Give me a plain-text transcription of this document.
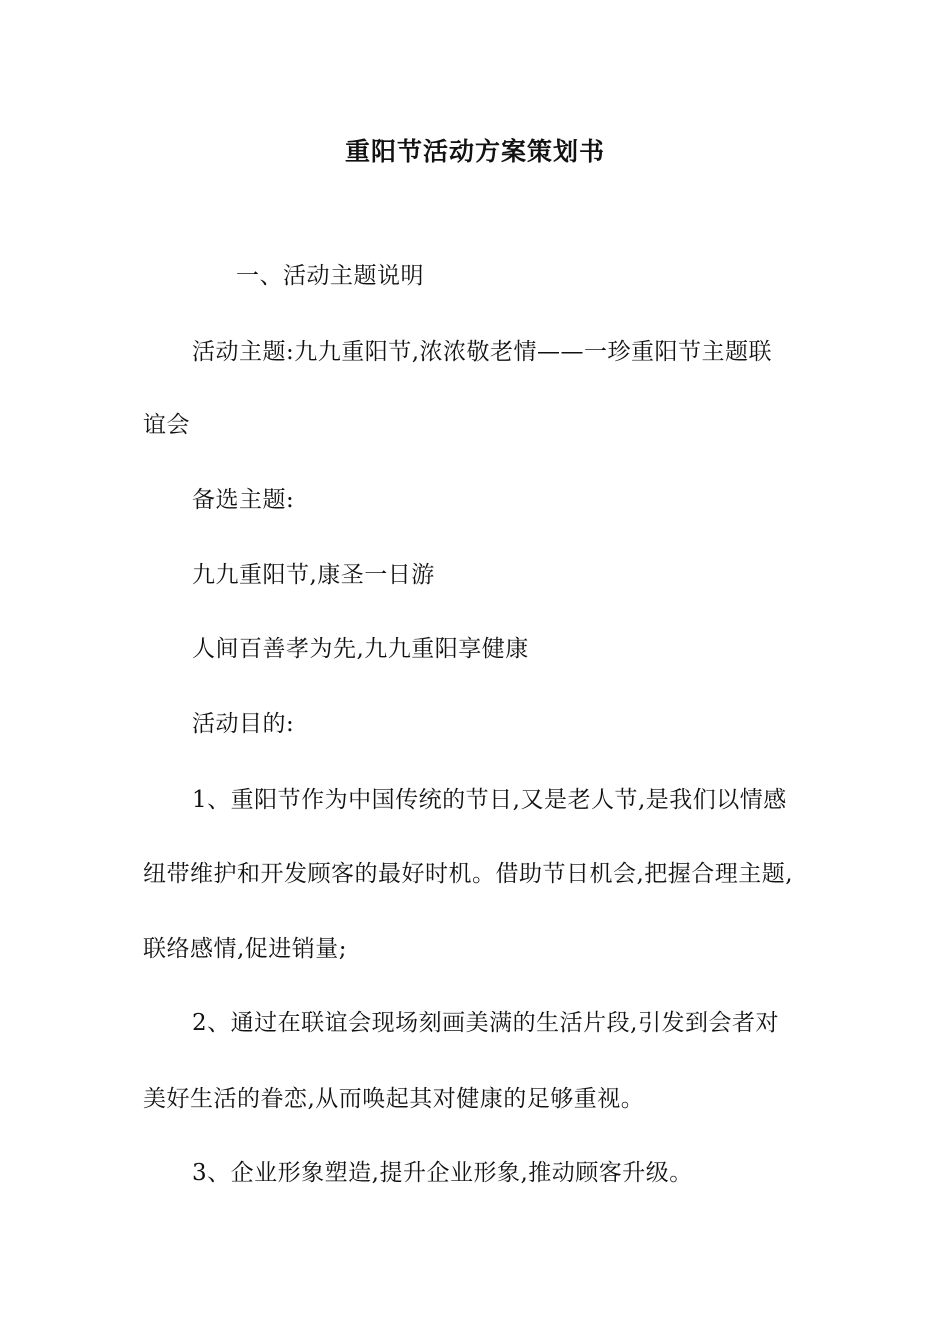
重阳节活动方案策划书
一、活动主题说明
活动主题:九九重阳节,浓浓敬老情——一珍重阳节主题联
谊会
备选主题:
九九重阳节,康圣一日游
人间百善孝为先,九九重阳享健康
活动目的:
1、重阳节作为中国传统的节日,又是老人节,是我们以情感
纽带维护和开发顾客的最好时机。借助节日机会,把握合理主题,
联络感情,促进销量;
2、通过在联谊会现场刻画美满的生活片段,引发到会者对
美好生活的眷恋,从而唤起其对健康的足够重视。
3、企业形象塑造,提升企业形象,推动顾客升级。
